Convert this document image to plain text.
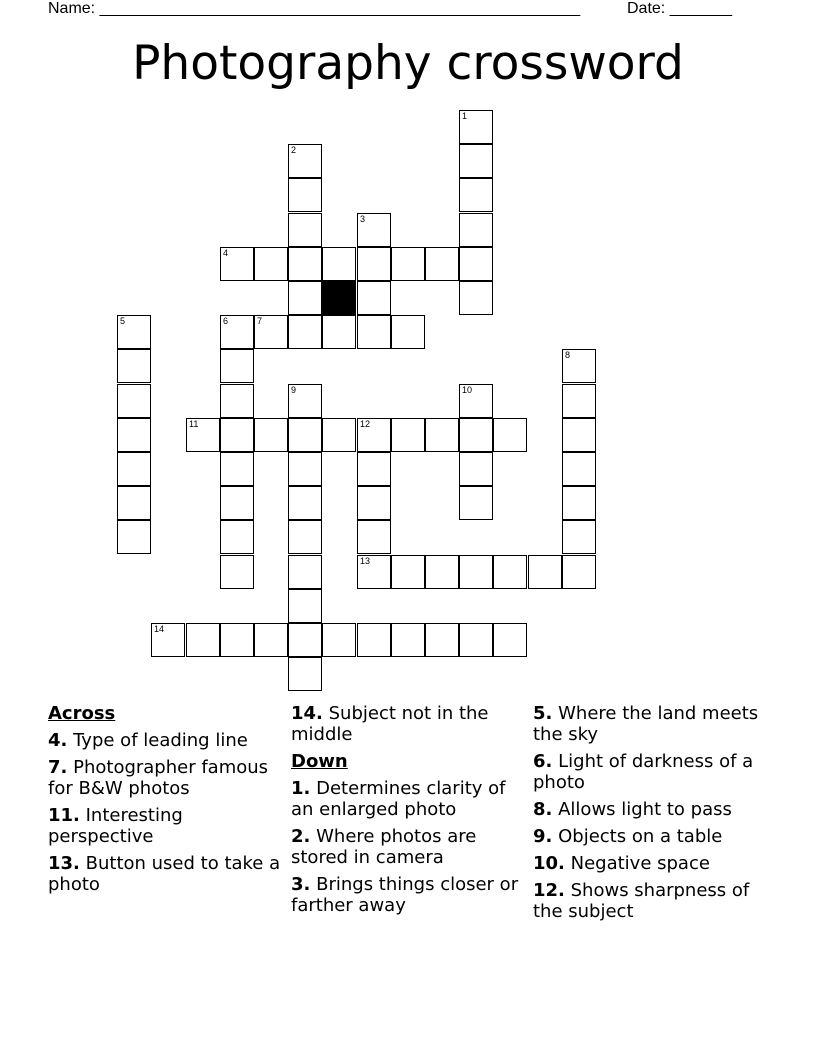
Name: ______________________________________________________	Date: _______
Photography crossword
1
2
3
4
5	6	7
8
9	10
11	12
13
14
Across
4. Type of leading line
7. Photographer famous for B&W photos
11. Interesting perspective
13. Button used to take a photo
14. Subject not in the middle
Down
1. Determines clarity of an enlarged photo
2. Where photos are stored in camera
3. Brings things closer or farther away
5. Where the land meets the sky
6. Light of darkness of a photo
8. Allows light to pass
9. Objects on a table
10. Negative space
12. Shows sharpness of the subject
